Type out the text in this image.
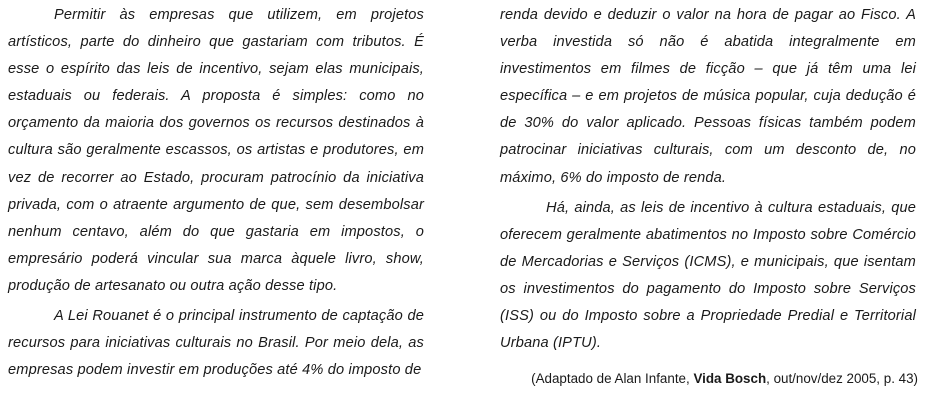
Permitir às empresas que utilizem, em projetos artísticos, parte do dinheiro que gastariam com tributos. É esse o espírito das leis de incentivo, sejam elas municipais, estaduais ou federais. A proposta é simples: como no orçamento da maioria dos governos os recursos destinados à cultura são geralmente escassos, os artistas e produtores, em vez de recorrer ao Estado, procuram patrocínio da iniciativa privada, com o atraente argumento de que, sem desembolsar nenhum centavo, além do que gastaria em impostos, o empresário poderá vincular sua marca àquele livro, show, produção de artesanato ou outra ação desse tipo.

A Lei Rouanet é o principal instrumento de captação de recursos para iniciativas culturais no Brasil. Por meio dela, as empresas podem investir em produções até 4% do imposto de

renda devido e deduzir o valor na hora de pagar ao Fisco. A verba investida só não é abatida integralmente em investimentos em filmes de ficção – que já têm uma lei específica – e em projetos de música popular, cuja dedução é de 30% do valor aplicado. Pessoas físicas também podem patrocinar iniciativas culturais, com um desconto de, no máximo, 6% do imposto de renda.

Há, ainda, as leis de incentivo à cultura estaduais, que oferecem geralmente abatimentos no Imposto sobre Comércio de Mercadorias e Serviços (ICMS), e municipais, que isentam os investimentos do pagamento do Imposto sobre Serviços (ISS) ou do Imposto sobre a Propriedade Predial e Territorial Urbana (IPTU).

(Adaptado de Alan Infante, Vida Bosch, out/nov/dez 2005, p. 43)
